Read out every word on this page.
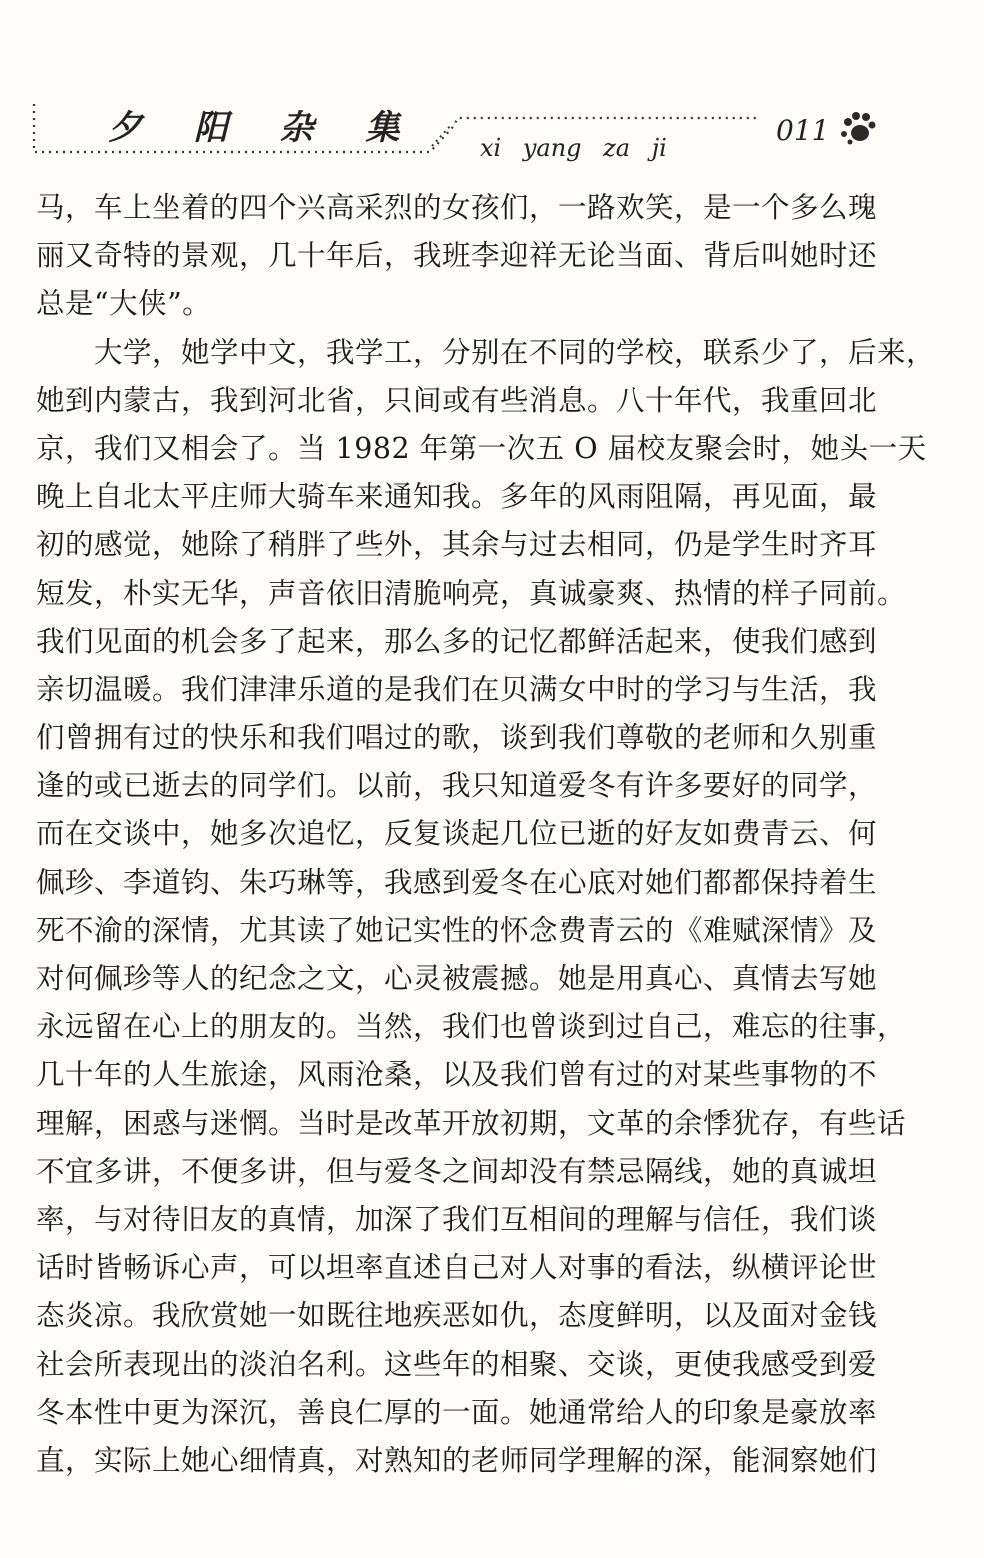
夕 阳 杂 集	xi yang za ji
011
马，车上坐着的四个兴高采烈的女孩们，一路欢笑，是一个多么瑰
丽又奇特的景观，几十年后，我班李迎祥无论当面、背后叫她时还
总是“大侠”。
大学，她学中文，我学工，分别在不同的学校，联系少了，后来，
她到内蒙古，我到河北省，只间或有些消息。八十年代，我重回北
京，我们又相会了。当 1982 年第一次五 O 届校友聚会时，她头一天
晚上自北太平庄师大骑车来通知我。多年的风雨阻隔，再见面，最
初的感觉，她除了稍胖了些外，其余与过去相同，仍是学生时齐耳
短发，朴实无华，声音依旧清脆响亮，真诚豪爽、热情的样子同前。
我们见面的机会多了起来，那么多的记忆都鲜活起来，使我们感到
亲切温暖。我们津津乐道的是我们在贝满女中时的学习与生活，我
们曾拥有过的快乐和我们唱过的歌，谈到我们尊敬的老师和久别重
逢的或已逝去的同学们。以前，我只知道爱冬有许多要好的同学，
而在交谈中，她多次追忆，反复谈起几位已逝的好友如费青云、何
佩珍、李道钧、朱巧琳等，我感到爱冬在心底对她们都都保持着生
死不渝的深情，尤其读了她记实性的怀念费青云的《难赋深情》及
对何佩珍等人的纪念之文，心灵被震撼。她是用真心、真情去写她
永远留在心上的朋友的。当然，我们也曾谈到过自己，难忘的往事，
几十年的人生旅途，风雨沧桑，以及我们曾有过的对某些事物的不
理解，困惑与迷惘。当时是改革开放初期，文革的余悸犹存，有些话
不宜多讲，不便多讲，但与爱冬之间却没有禁忌隔线，她的真诚坦
率，与对待旧友的真情，加深了我们互相间的理解与信任，我们谈
话时皆畅诉心声，可以坦率直述自己对人对事的看法，纵横评论世
态炎凉。我欣赏她一如既往地疾恶如仇，态度鲜明，以及面对金钱
社会所表现出的淡泊名利。这些年的相聚、交谈，更使我感受到爱
冬本性中更为深沉，善良仁厚的一面。她通常给人的印象是豪放率
直，实际上她心细情真，对熟知的老师同学理解的深，能洞察她们
